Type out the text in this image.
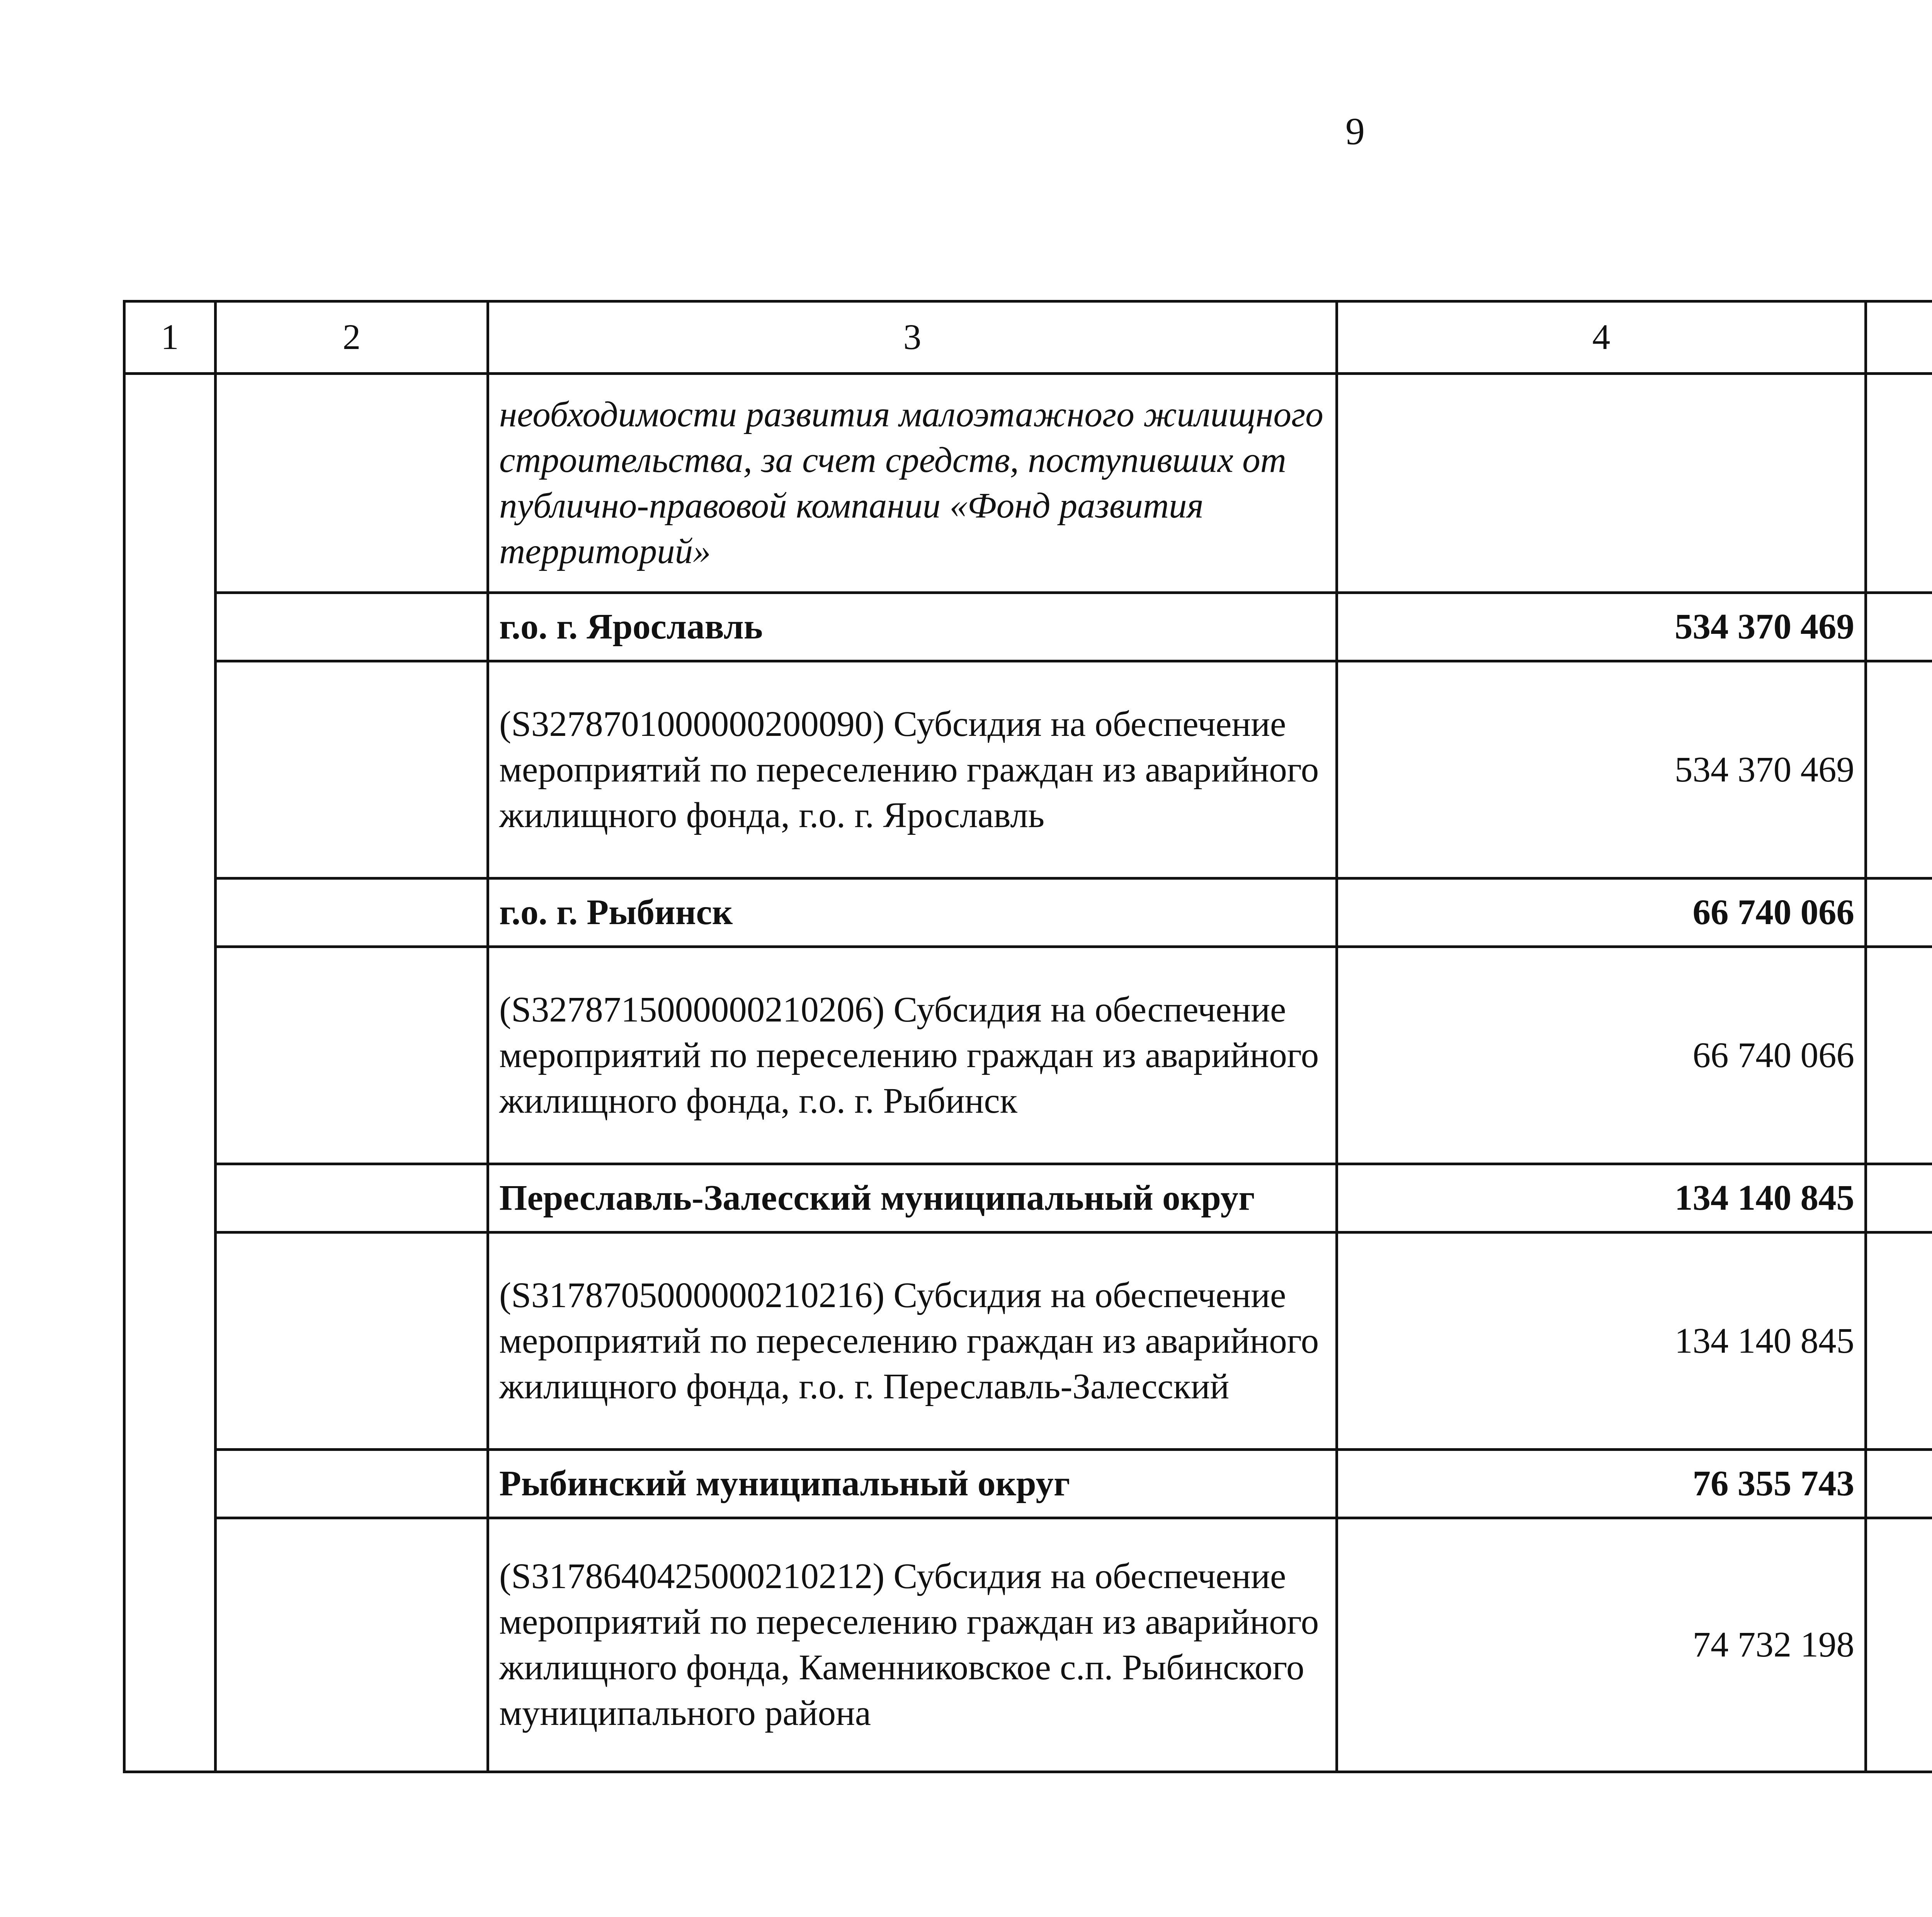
9
1	2	3	4			
		необходимости развития малоэтажного жилищного строительства, за счет средств, поступивших от публично-правовой компании «Фонд развития территорий»				
		г.о. г. Ярославль	534 370 469			
		(S3278701000000200090) Субсидия на обеспечение мероприятий по переселению граждан из аварийного жилищного фонда, г.о. г. Ярославль	534 370 469			
		г.о. г. Рыбинск	66 740 066			
		(S3278715000000210206) Субсидия на обеспечение мероприятий по переселению граждан из аварийного жилищного фонда, г.о. г. Рыбинск	66 740 066			
		Переславль-Залесский муниципальный округ	134 140 845			
		(S3178705000000210216) Субсидия на обеспечение мероприятий по переселению граждан из аварийного жилищного фонда, г.о. г. Переславль-Залесский	134 140 845			
		Рыбинский муниципальный округ	76 355 743			
		(S3178640425000210212) Субсидия на обеспечение мероприятий по переселению граждан из аварийного жилищного фонда, Каменниковское с.п. Рыбинского муниципального района	74 732 198			
